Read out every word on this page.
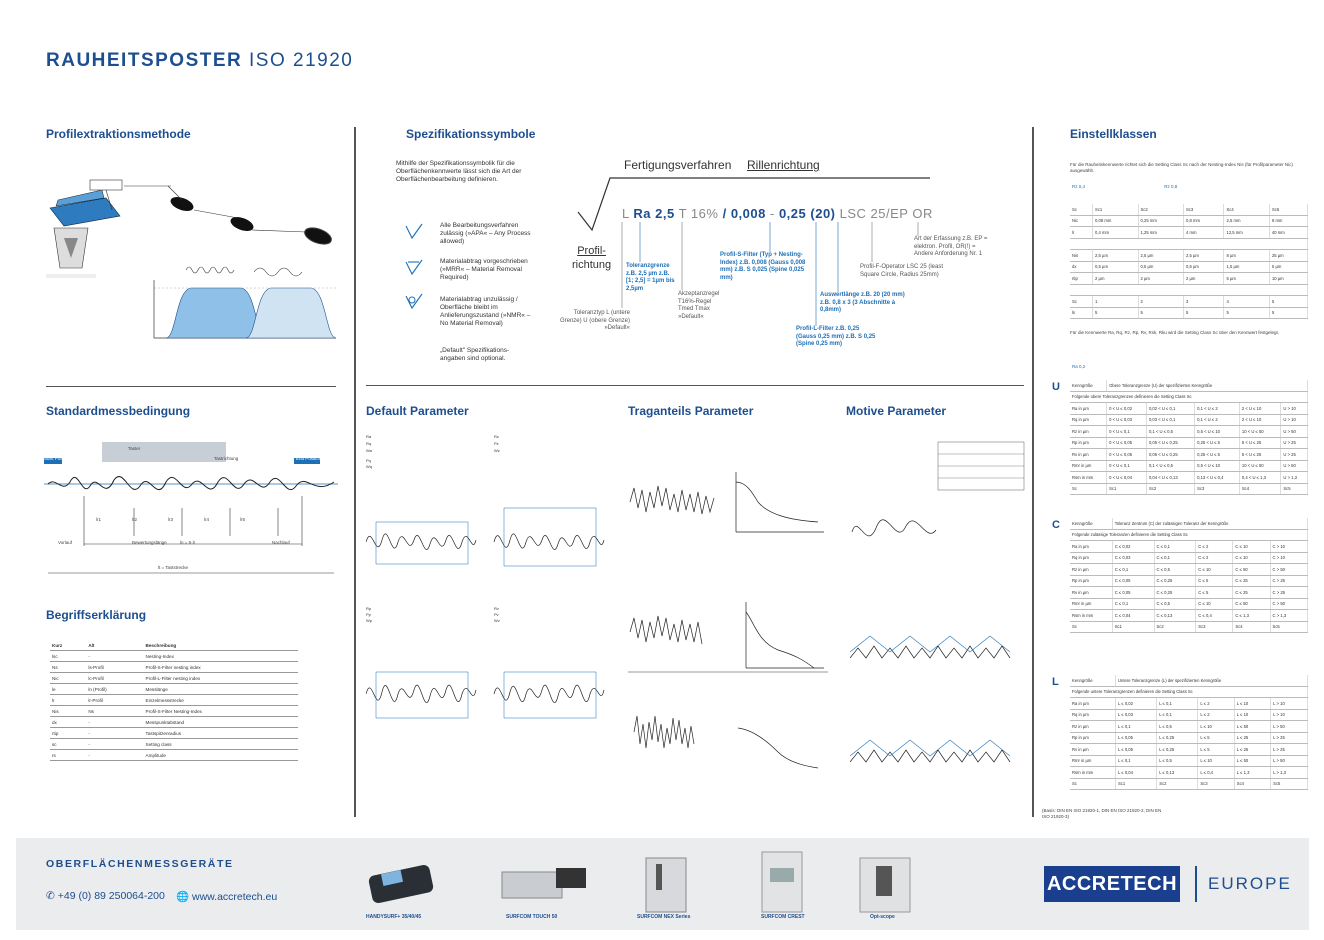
RAUHEITSPOSTER ISO 21920
Profilextraktionsmethode	Spezifikationssymbole	Einstellklassen
Standardmessbedingung
Begriffserklärung
Default Parameter	Traganteils Parameter	Motive Parameter
Mithilfe der Spezifikationssymbolik für die Oberflächenkennwerte lässt sich die Art der Oberflächenbearbeitung definieren.
Alle Bearbeitungsverfahren zulässig (»APA« – Any Process allowed)
Materialabtrag vorgeschrieben (»MRR« – Material Removal Required)
Materialabtrag unzulässig / Oberfläche bleibt im Anlieferungszustand (»NMR« – No Material Removal)
„Default" Spezifikations-angaben sind optional.
Fertigungsverfahren Rillenrichtung
L Ra 2,5 T 16% / 0,008 - 0,25 (20) LSC 25/EP OR
Profil-
richtung Toleranzgrenze z.B. 2,5 µm z.B. [1; 2,5] = 1µm bis 2,5µm
Toleranztyp L (untere Grenze) U (obere Grenze) »Default«
Akzeptanzregel T16%-Regel Tmed Tmax »Default«
Profil-S-Filter (Typ + Nesting-Index) z.B. 0,008 (Gauss 0,008 mm) z.B. S 0,025 (Spine 0,025 mm)
Auswertlänge z.B. 20 (20 mm) z.B. 0,8 x 3 (3 Abschnitte à 0,8mm)
Profil-L-Filter z.B. 0,25 (Gauss 0,25 mm) z.B. S 0,25 (Spine 0,25 mm)
Profil-F-Operator LSC 25 (least Square Circle, Radius 25mm)
Art der Erfassung z.B. EP = elektron. Profil, OR(!) = Andere Anforderung Nr. 1
Für die Rauheitskennwerte richtet sich die Setting Class Sc nach der Nesting-Index Nis (für Profilparameter Nic) ausgewählt.
Rz 0,4	Rz 0,8
Sc	Sc1	Sc2	Sc3	Sc4	Sc5
Nic	0,08 mm	0,25 mm	0,8 mm	2,5 mm	8 mm
lr	0,4 mm	1,25 mm	4 mm	12,5 mm	40 mm

Nis	2,5 µm	2,5 µm	2,5 µm	8 µm	25 µm
dx	0,5 µm	0,5 µm	0,5 µm	1,5 µm	5 µm
rtip	2 µm	2 µm	2 µm	5 µm	10 µm

Sc	1	2	3	4	5
ls	5	5	5	5	5
Für die Kennwerte Ra, Rq, Rz, Rp, Rv, Rsk, Rku wird die Setting Class Sc über den Kennwert festgelegt.
Ra 0,2
U
C
L
Kenngröße	Obere Toleranzgrenze (U) der spezifizierten Kenngröße				
Folgende obere Toleranzgrenzen definieren die Setting Class Sc					
Ra in µm	0 < U ≤ 0,02	0,02 < U ≤ 0,1	0,1 < U ≤ 2	2 < U ≤ 10	U > 10
Rq in µm	0 < U ≤ 0,03	0,03 < U ≤ 0,1	0,1 < U ≤ 2	2 < U ≤ 10	U > 10
Rz in µm	0 < U ≤ 0,1	0,1 < U ≤ 0,5	0,5 < U ≤ 10	10 < U ≤ 50	U > 50
Rp in µm	0 < U ≤ 0,05	0,05 < U ≤ 0,25	0,25 < U ≤ 5	5 < U ≤ 25	U > 25
Rv in µm	0 < U ≤ 0,05	0,05 < U ≤ 0,25	0,25 < U ≤ 5	5 < U ≤ 25	U > 25
Rmr in µm	0 < U ≤ 0,1	0,1 < U ≤ 0,5	0,5 < U ≤ 10	10 < U ≤ 50	U > 50
Rsm in mm	0 < U ≤ 0,04	0,04 < U ≤ 0,13	0,13 < U ≤ 0,4	0,4 < U ≤ 1,3	U > 1,3
Sc	Sc1	Sc2	Sc3	Sc4	Sc5
Kenngröße	Toleranz Zentrum (C) der zulässigen Toleranz der Kenngröße				
Folgende zulässige Toleranzen definieren die Setting Class Sc					
Ra in µm	C ≤ 0,02	C ≤ 0,1	C ≤ 2	C ≤ 10	C > 10
Rq in µm	C ≤ 0,03	C ≤ 0,1	C ≤ 2	C ≤ 10	C > 10
Rz in µm	C ≤ 0,1	C ≤ 0,5	C ≤ 10	C ≤ 50	C > 50
Rp in µm	C ≤ 0,05	C ≤ 0,25	C ≤ 5	C ≤ 25	C > 25
Rv in µm	C ≤ 0,05	C ≤ 0,25	C ≤ 5	C ≤ 25	C > 25
Rmr in µm	C ≤ 0,1	C ≤ 0,5	C ≤ 10	C ≤ 50	C > 50
Rsm in mm	C ≤ 0,04	C ≤ 0,13	C ≤ 0,4	C ≤ 1,3	C > 1,3
Sc	Sc1	Sc2	Sc3	Sc4	Sc5
Kenngröße	Untere Toleranzgrenze (L) der spezifizierten Kenngröße				
Folgende untere Toleranzgrenzen definieren die Setting Class Sc					
Ra in µm	L ≤ 0,02	L ≤ 0,1	L ≤ 2	L ≤ 10	L > 10
Rq in µm	L ≤ 0,03	L ≤ 0,1	L ≤ 2	L ≤ 10	L > 10
Rz in µm	L ≤ 0,1	L ≤ 0,5	L ≤ 10	L ≤ 50	L > 50
Rp in µm	L ≤ 0,05	L ≤ 0,25	L ≤ 5	L ≤ 25	L > 25
Rv in µm	L ≤ 0,05	L ≤ 0,25	L ≤ 5	L ≤ 25	L > 25
Rmr in µm	L ≤ 0,1	L ≤ 0,5	L ≤ 10	L ≤ 50	L > 50
Rsm in mm	L ≤ 0,04	L ≤ 0,13	L ≤ 0,4	L ≤ 1,3	L > 1,3
Sc	Sc1	Sc2	Sc3	Sc4	Sc5
Start Position	End Position
Taster
Tastrichtung
lr1	lr2	lr3	lr4	lr5
Vorlauf	Bewertungslänge	ln = 5·lr	Nachlauf
lt = Taststrecke
Kurz	Alt	Beschreibung
lsc	-	Nesting-Index
Ns	ls-Profil	Profil-S-Filter nesting index
Nic	lc-Profil	Profil-L-Filter nesting index
le	ln (Profil)	Messlänge
lr	lr-Profil	Einzelmessstrecke
Nis	Ns	Profil-S-Filter Nesting-Index
dx	-	Messpunktabstand
rtip	-	Tastspitzenradius
sc	-	Setting class
rs	-	Amplitude
Ra
Rq
Wa
Pq
Wq
Rz
Pz
Wz
Rp
Pp
Wp
Rv
Pv
Wv
(Basis: DIN EN ISO 21920-1, DIN EN ISO 21920-2, DIN EN ISO 21920-3)
OBERFLÄCHENMESSGERÄTE
✆ +49 (0) 89 250064-200 🌐 www.accretech.eu
HANDYSURF+ 35/40/45	SURFCOM TOUCH 50	SURFCOM NEX Series	SURFCOM CREST	Opt-scope
ACCRETECH EUROPE
